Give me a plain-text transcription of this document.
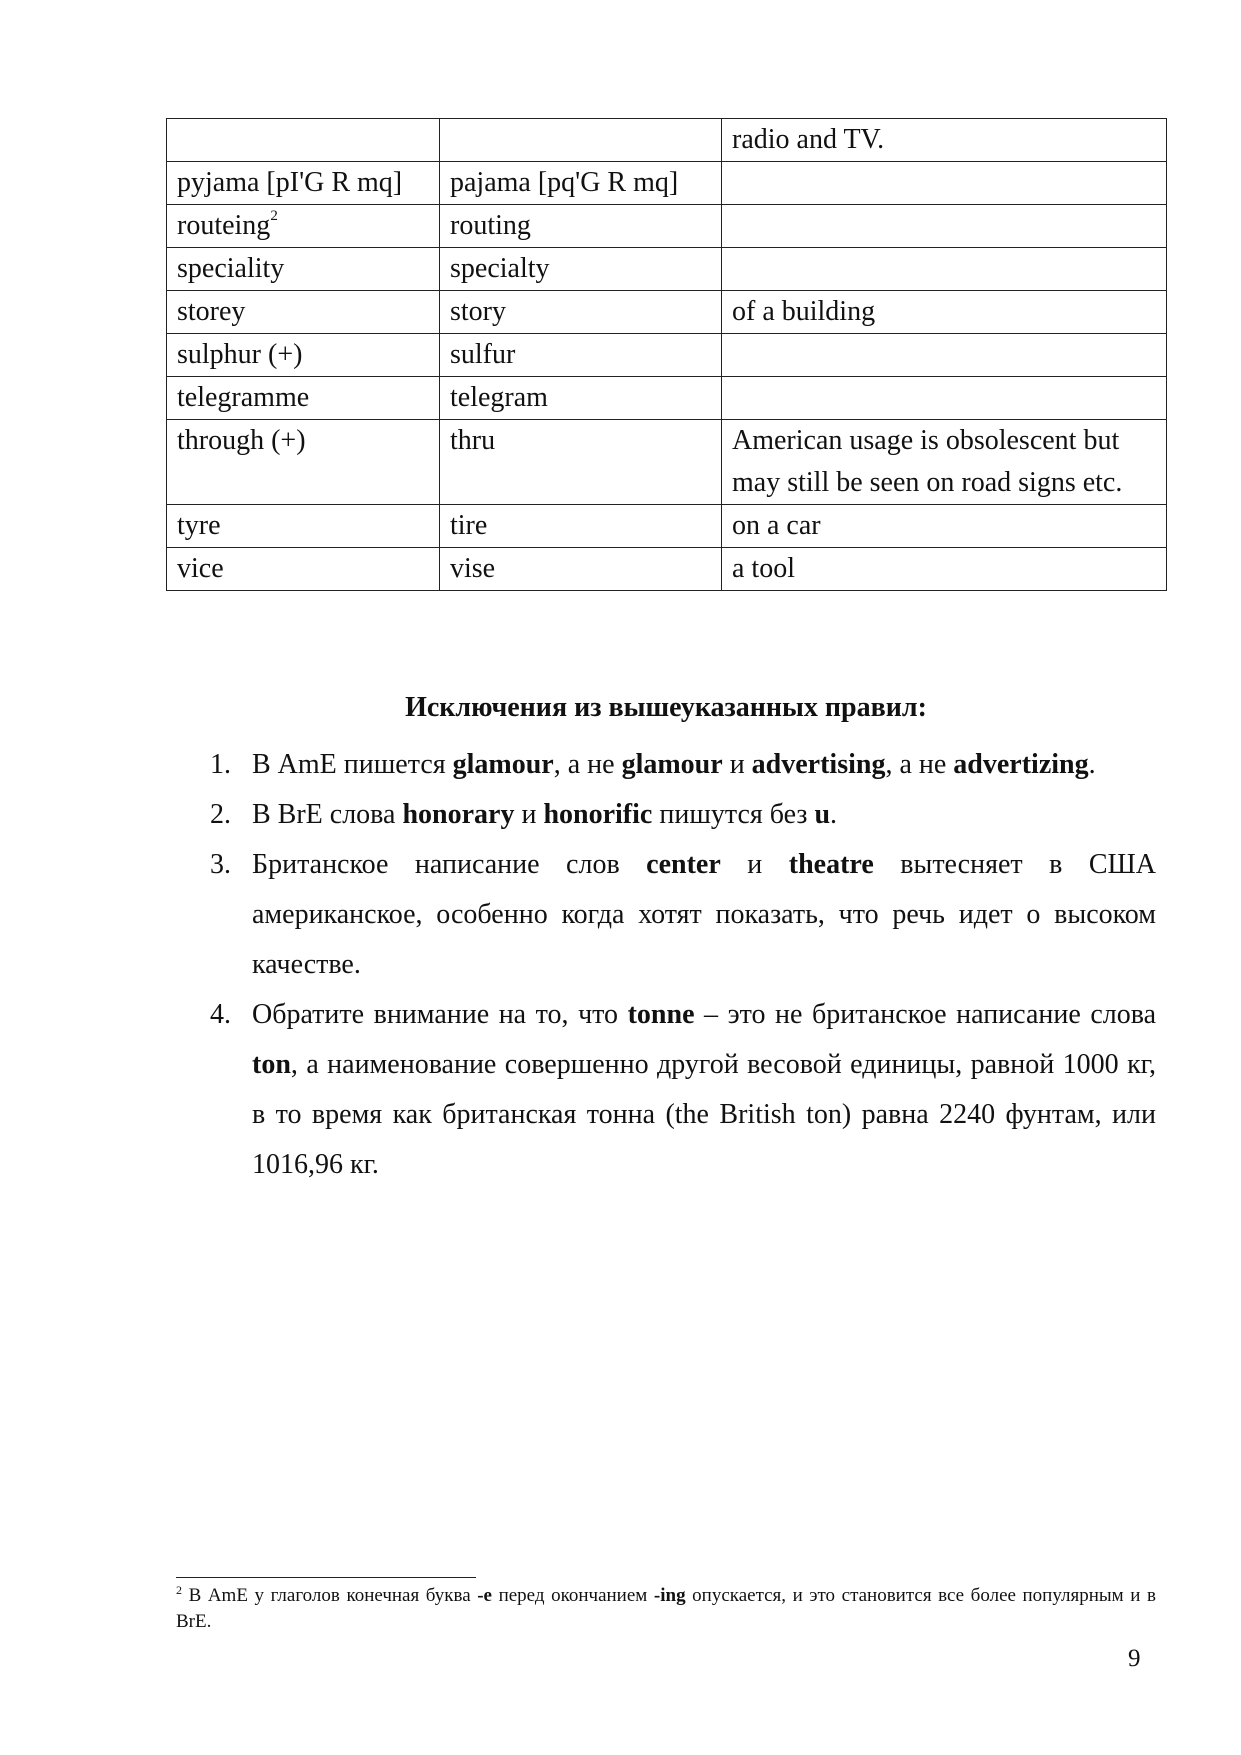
		radio and TV.
pyjama [pI'G R mq]	pajama [pq'G R mq]	
routeing$^2$	routing	
speciality	specialty	
storey	story	of a building
sulphur (+)	sulfur	
telegramme	telegram	
through (+)	thru	American usage is obsolescent but may still be seen on road signs etc.
tyre	tire	on a car
vice	vise	a tool
Исключения из вышеуказанных правил:
1. В AmE пишется glamour, а не glamour и advertising, а не advertizing.
2. В BrE слова honorary и honorific пишутся без u.
3. Британское написание слов center и theatre вытесняет в США американское, особенно когда хотят показать, что речь идет о высоком качестве.
4. Обратите внимание на то, что tonne – это не британское написание слова ton, а наименование совершенно другой весовой единицы, равной 1000 кг, в то время как британская тонна (the British ton) равна 2240 фунтам, или 1016,96 кг.
$^2$ В AmE у глаголов конечная буква -e перед окончанием -ing опускается, и это становится все более популярным и в BrE.
9
